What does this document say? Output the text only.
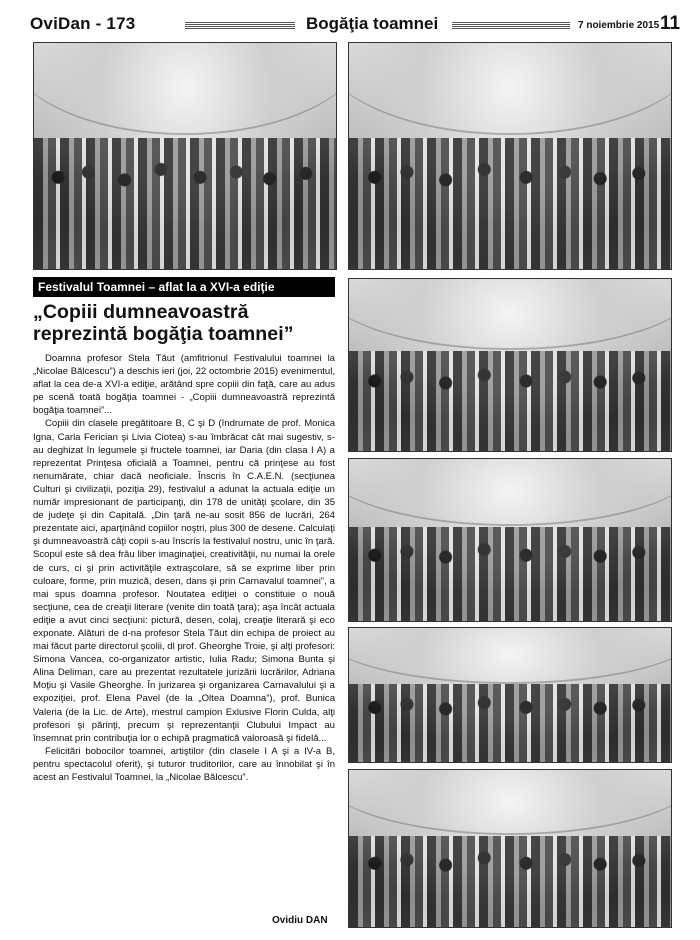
OviDan - 173	Bogăţia toamnei	7 noiembrie 2015 11
Festivalul Toamnei – aflat la a XVI-a ediţie
„Copiii dumneavoastră
reprezintă bogăţia toamnei”

Doamna profesor Stela Tăut (amfitrionul Festivalului toamnei la „Nicolae Bălcescu”) a deschis ieri (joi, 22 octombrie 2015) evenimentul, aflat la cea de-a XVI-a ediţie, arătând spre copiii din faţă, care au adus pe scenă toată bogăţia toamnei - „Copiii dumneavoastră reprezintă bogăţia toamnei”...

Copiii din clasele pregătitoare B, C şi D (îndrumate de prof. Monica Igna, Carla Ferician şi Livia Ciotea) s-au îmbrăcat cât mai sugestiv, s-au deghizat în legumele şi fructele toamnei, iar Daria (din clasa I A) a reprezentat Prinţesa oficială a Toamnei, pentru că prinţese au fost nenumărate, chiar dacă neoficiale. Înscris în C.A.E.N. (secţiunea Culturi şi civilizaţii, poziţia 29), festivalul a adunat la actuala ediţie un număr impresionant de participanţi, din 178 de unităţi şcolare, din 35 de judeţe şi din Capitală. „Din ţară ne-au sosit 856 de lucrări, 264 prezentate aici, aparţinând copiilor noştri, plus 300 de desene. Calculaţi şi dumneavoastră câţi copii s-au înscris la festivalul nostru, unic în ţară. Scopul este să dea frâu liber imaginaţiei, creativităţii, nu numai la orele de curs, ci şi prin activităţile extraşcolare, să se exprime liber prin culoare, forme, prin muzică, desen, dans şi prin Carnavalul toamnei”, a mai spus doamna profesor. Noutatea ediţiei o constituie o nouă secţiune, cea de creaţii literare (venite din toată ţara); aşa încât actuala ediţie a avut cinci secţiuni: pictură, desen, colaj, creaţie literară şi eco exponate. Alături de d-na profesor Stela Tăut din echipa de proiect au mai făcut parte directorul şcolii, dl prof. Gheorghe Troie, şi alţi profesori: Simona Vancea, co-organizator artistic, Iulia Radu; Simona Bunta şi Alina Deliman, care au prezentat rezultatele jurizării lucrărilor, Adriana Moţiu şi Vasile Gheorghe. În jurizarea şi organizarea Carnavalului şi a expoziţiei, prof. Elena Pavel (de la „Oltea Doamna”), prof. Bunica Valeria (de la Lic. de Arte), mestrul campion Exlusive Florin Culda, alţi profesori şi părinţi, precum şi reprezentanţii Clubului Impact au însemnat prin contribuţia lor o echipă pragmatică valoroasă şi fidelă...

Felicitări bobocilor toamnei, artiştilor (din clasele I A şi a IV-a B, pentru spectacolul oferit), şi tuturor truditorilor, care au înnobilat şi în acest an Festivalul Toamnei, la „Nicolae Bălcescu”.

Ovidiu DAN
